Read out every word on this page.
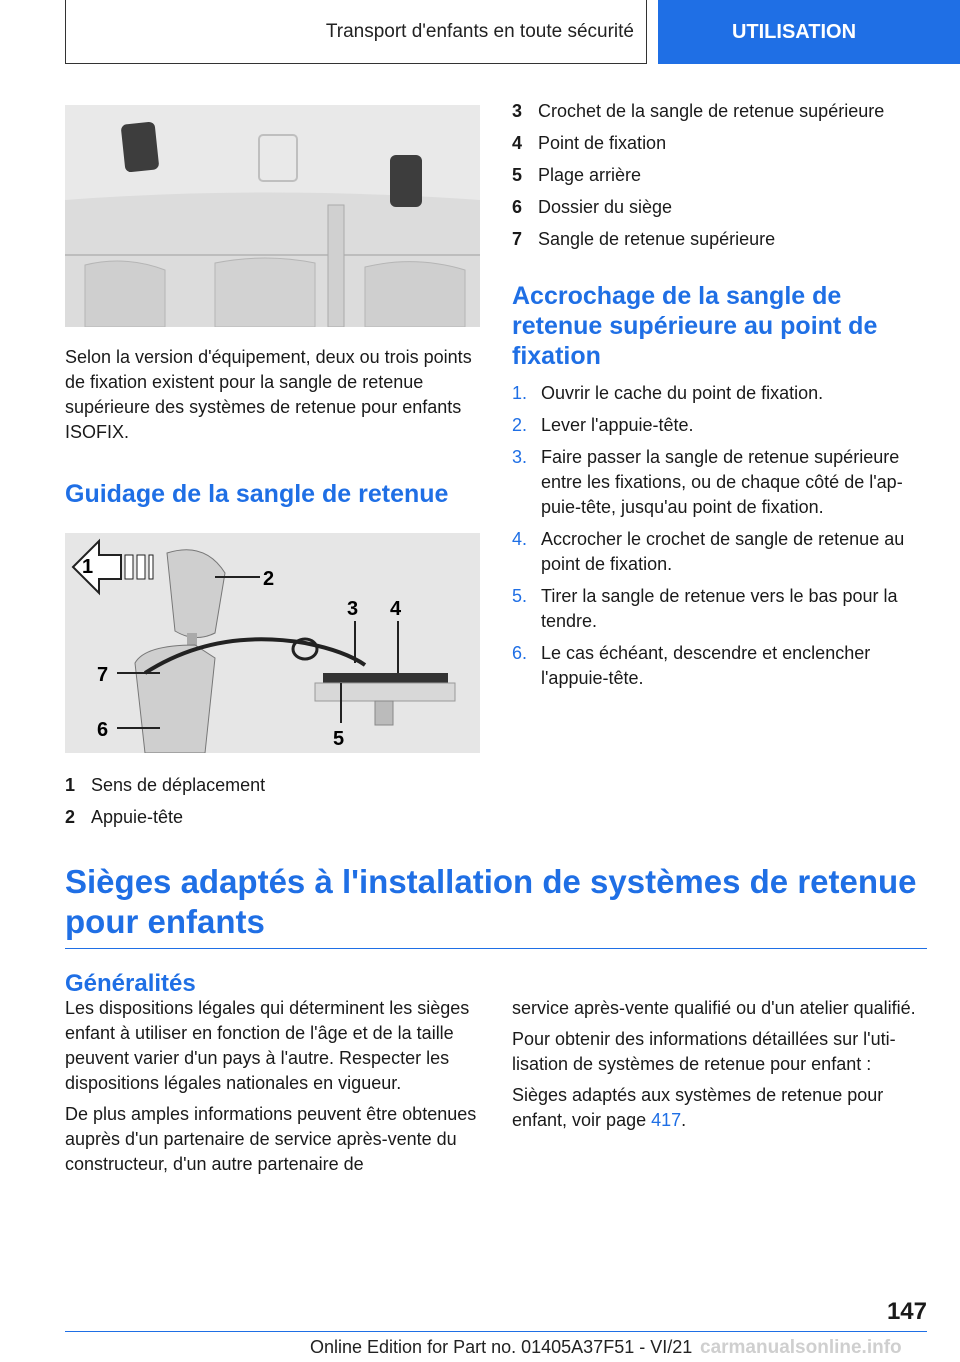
Transport d'enfants en toute sécurité	UTILISATION

Selon la version d'équipement, deux ou trois points de fixation existent pour la sangle de retenue supérieure des systèmes de retenue pour enfants ISOFIX.

Guidage de la sangle de retenue
1
2
3 4
5
6
7
1 Sens de déplacement
2 Appuie-tête
3 Crochet de la sangle de retenue supérieure
4 Point de fixation
5 Plage arrière
6 Dossier du siège
7 Sangle de retenue supérieure
Accrochage de la sangle de retenue supérieure au point de fixation
1. Ouvrir le cache du point de fixation.
2. Lever l'appuie-tête.
3. Faire passer la sangle de retenue supérieure entre les fixations, ou de chaque côté de l'appuie-tête, jusqu'au point de fixation.
4. Accrocher le crochet de sangle de retenue au point de fixation.
5. Tirer la sangle de retenue vers le bas pour la tendre.
6. Le cas échéant, descendre et enclencher l'appuie-tête.
Sièges adaptés à l'installation de systèmes de retenue pour enfants
Généralités

Les dispositions légales qui déterminent les sièges enfant à utiliser en fonction de l'âge et de la taille peuvent varier d'un pays à l'autre. Respecter les dispositions légales nationales en vigueur.

De plus amples informations peuvent être obtenues auprès d'un partenaire de service après-vente du constructeur, d'un autre partenaire de

service après-vente qualifié ou d'un atelier qualifié.

Pour obtenir des informations détaillées sur l'utilisation de systèmes de retenue pour enfant :

Sièges adaptés aux systèmes de retenue pour enfant, voir page 417.

147
Online Edition for Part no. 01405A37F51 - VI/21 carmanualsonline.info
